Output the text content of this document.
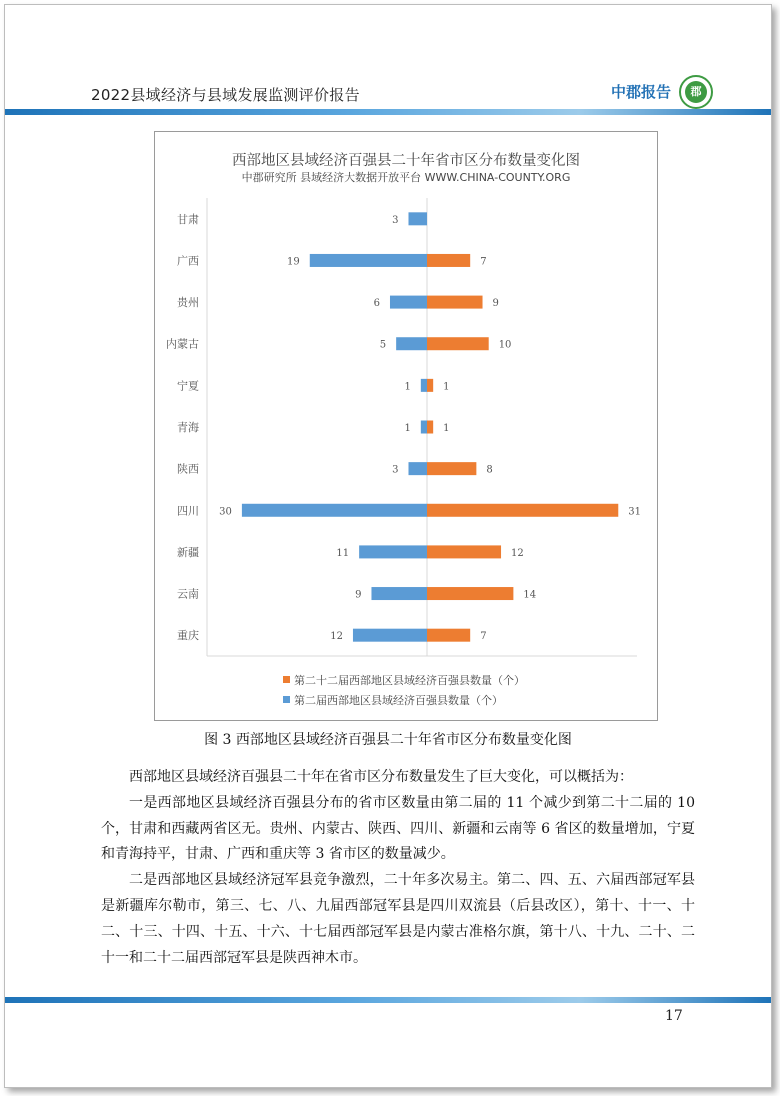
2022县域经济与县域发展监测评价报告	中郡报告	郡
西部地区县域经济百强县二十年省市区分布数量变化图
中郡研究所 县域经济大数据开放平台 WWW.CHINA-COUNTY.ORG
甘肃	3
广西	19	7
贵州	6	9
内蒙古	5	10
宁夏	1	1
青海	1	1
陕西	3	8
四川 30	31
新疆	11	12
云南	9	14
重庆	12	7
第二十二届西部地区县域经济百强县数量（个）
第二届西部地区县域经济百强县数量（个）
图 3 西部地区县域经济百强县二十年省市区分布数量变化图

西部地区县域经济百强县二十年在省市区分布数量发生了巨大变化，可以概括为：

一是西部地区县域经济百强县分布的省市区数量由第二届的 11 个减少到第二十二届的 10 个，甘肃和西藏两省区无。贵州、内蒙古、陕西、四川、新疆和云南等 6 省区的数量增加，宁夏和青海持平，甘肃、广西和重庆等 3 省市区的数量减少。

二是西部地区县域经济冠军县竞争激烈，二十年多次易主。第二、四、五、六届西部冠军县是新疆库尔勒市，第三、七、八、九届西部冠军县是四川双流县（后县改区），第十、十一、十二、十三、十四、十五、十六、十七届西部冠军县是内蒙古准格尔旗，第十八、十九、二十、二十一和二十二届西部冠军县是陕西神木市。

17
